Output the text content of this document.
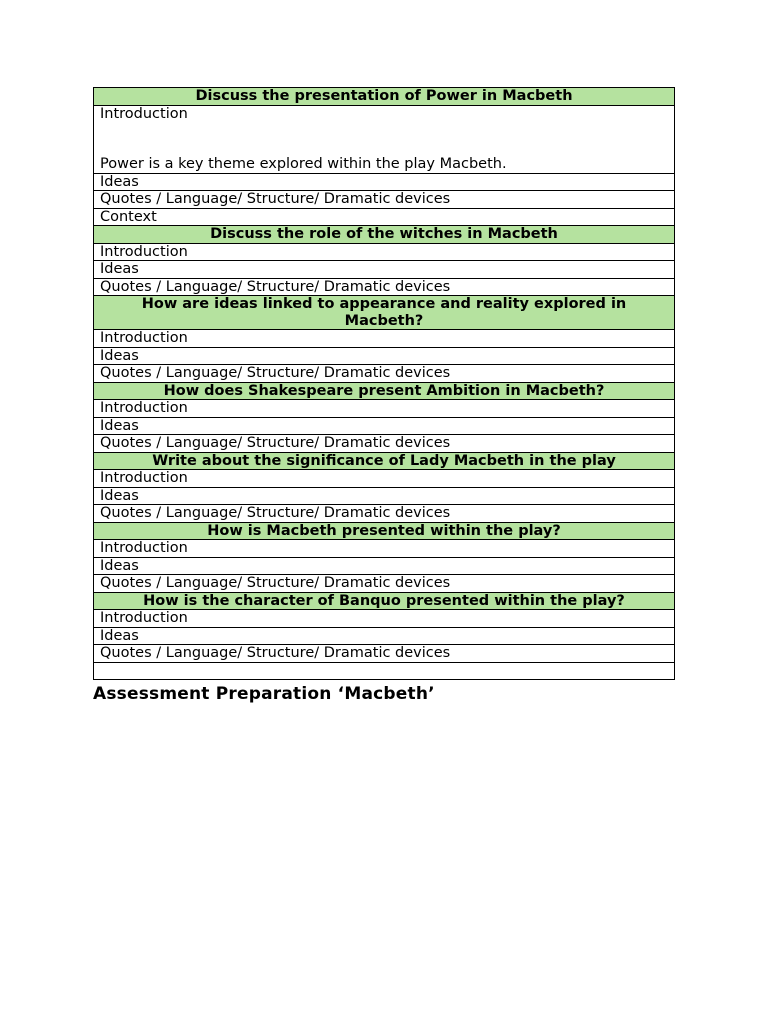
Discuss the presentation of Power in Macbeth

Introduction
Power is a key theme explored within the play Macbeth.

Ideas
Quotes / Language/ Structure/ Dramatic devices
Context
Discuss the role of the witches in Macbeth
Introduction
Ideas
Quotes / Language/ Structure/ Dramatic devices
How are ideas linked to appearance and reality explored in Macbeth?
Introduction
Ideas
Quotes / Language/ Structure/ Dramatic devices
How does Shakespeare present Ambition in Macbeth?
Introduction
Ideas
Quotes / Language/ Structure/ Dramatic devices
Write about the significance of Lady Macbeth in the play
Introduction
Ideas
Quotes / Language/ Structure/ Dramatic devices
How is Macbeth presented within the play?
Introduction
Ideas
Quotes / Language/ Structure/ Dramatic devices
How is the character of Banquo presented within the play?
Introduction
Ideas
Quotes / Language/ Structure/ Dramatic devices

Assessment Preparation ‘Macbeth’
